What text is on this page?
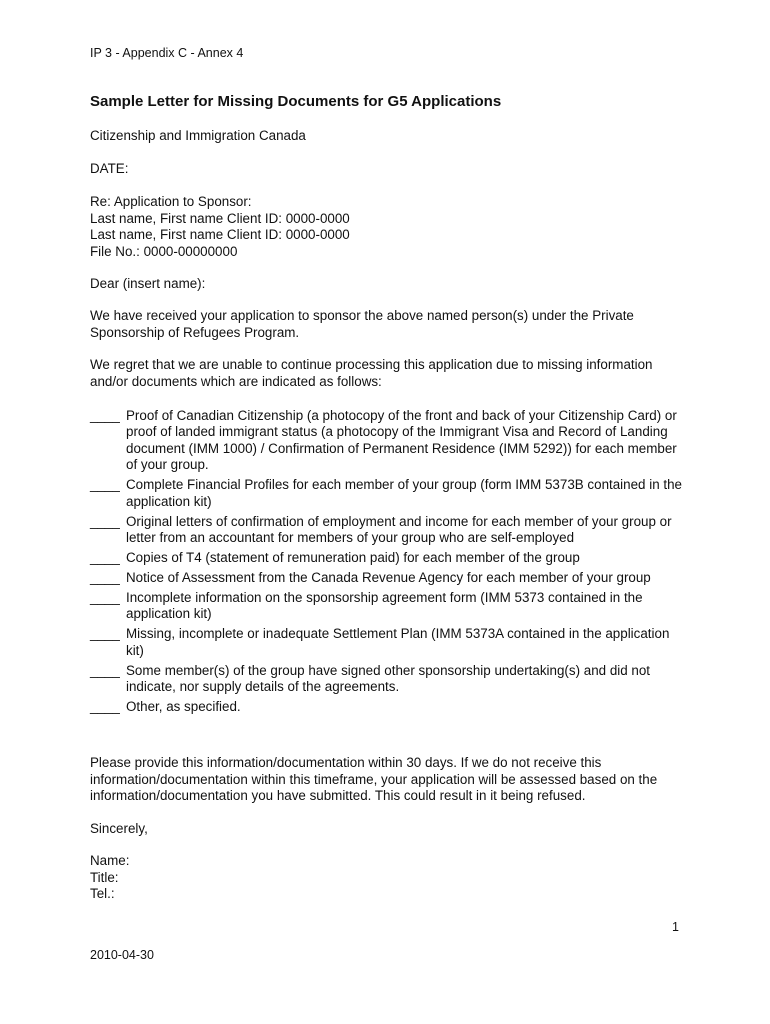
IP 3 - Appendix C - Annex 4
Sample Letter for Missing Documents for G5 Applications

Citizenship and Immigration Canada

DATE:

Re: Application to Sponsor:

Last name, First name Client ID: 0000-0000

Last name, First name Client ID: 0000-0000

File No.: 0000-00000000

Dear (insert name):

We have received your application to sponsor the above named person(s) under the Private Sponsorship of Refugees Program.

We regret that we are unable to continue processing this application due to missing information and/or documents which are indicated as follows:

____ Proof of Canadian Citizenship (a photocopy of the front and back of your Citizenship Card) or proof of landed immigrant status (a photocopy of the Immigrant Visa and Record of Landing document (IMM 1000) / Confirmation of Permanent Residence (IMM 5292)) for each member of your group.
____ Complete Financial Profiles for each member of your group (form IMM 5373B contained in the application kit)
____ Original letters of confirmation of employment and income for each member of your group or letter from an accountant for members of your group who are self-employed
____ Copies of T4 (statement of remuneration paid) for each member of the group
____ Notice of Assessment from the Canada Revenue Agency for each member of your group
____ Incomplete information on the sponsorship agreement form (IMM 5373 contained in the application kit)
____ Missing, incomplete or inadequate Settlement Plan (IMM 5373A contained in the application kit)
____ Some member(s) of the group have signed other sponsorship undertaking(s) and did not indicate, nor supply details of the agreements.
____ Other, as specified.

Please provide this information/documentation within 30 days. If we do not receive this information/documentation within this timeframe, your application will be assessed based on the information/documentation you have submitted. This could result in it being refused.

Sincerely,

Name:

Title:

Tel.:

1
2010-04-30
